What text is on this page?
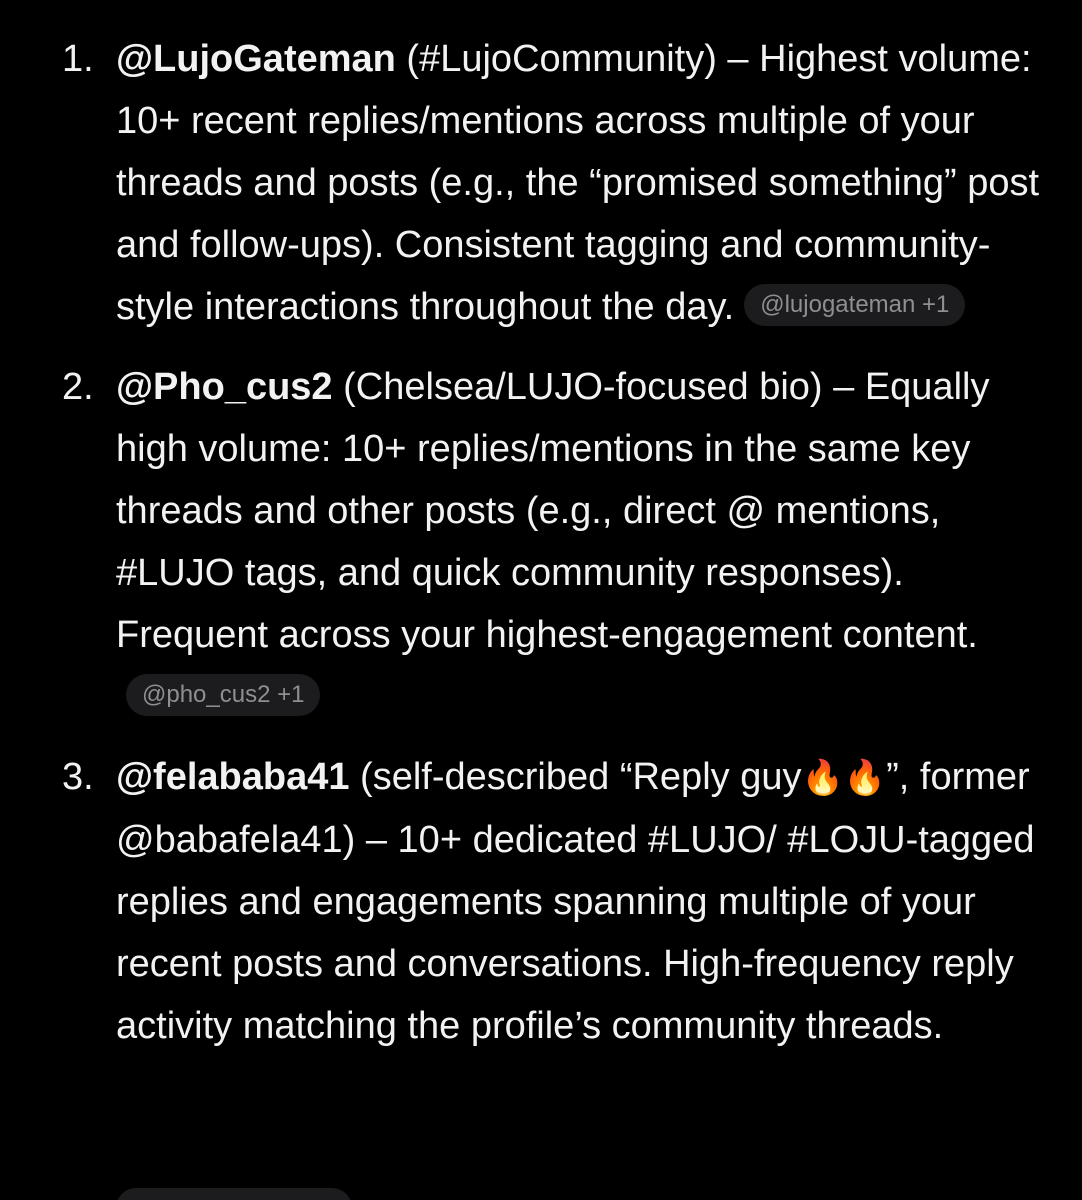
1. @LujoGateman (#LujoCommunity) – Highest volume: 10+ recent replies/mentions across multiple of your threads and posts (e.g., the “promised something” post and follow-ups). Consistent tagging and community-style interactions throughout the day. @lujogateman +1
2. @Pho_cus2 (Chelsea/LUJO-focused bio) – Equally high volume: 10+ replies/mentions in the same key threads and other posts (e.g., direct @ mentions, #LUJO tags, and quick community responses). Frequent across your highest-engagement content.@pho_cus2 +1
3. @felababa41 (self-described “Reply guy🔥🔥”, former @babafela41) – 10+ dedicated #LUJO/ #LOJU-tagged replies and engagements spanning multiple of your recent posts and conversations. High-frequency reply activity matching the profile’s community threads.
